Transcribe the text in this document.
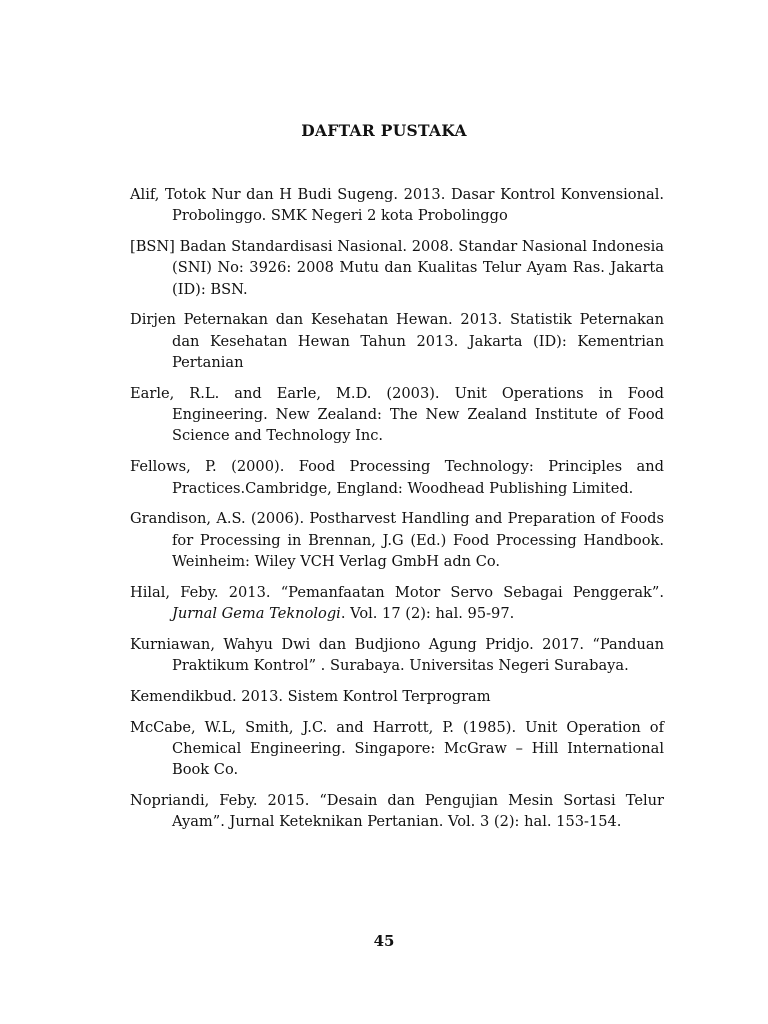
DAFTAR PUSTAKA
Alif, Totok Nur dan H Budi Sugeng. 2013. Dasar Kontrol Konvensional. Probolinggo. SMK Negeri 2 kota Probolinggo
[BSN] Badan Standardisasi Nasional. 2008. Standar Nasional Indonesia (SNI) No: 3926: 2008 Mutu dan Kualitas Telur Ayam Ras. Jakarta (ID): BSN.
Dirjen Peternakan dan Kesehatan Hewan. 2013. Statistik Peternakan dan Kesehatan Hewan Tahun 2013. Jakarta (ID): Kementrian Pertanian
Earle, R.L. and Earle, M.D. (2003). Unit Operations in Food Engineering. New Zealand: The New Zealand Institute of Food Science and Technology Inc.
Fellows, P. (2000). Food Processing Technology: Principles and Practices.Cambridge, England: Woodhead Publishing Limited.
Grandison, A.S. (2006). Postharvest Handling and Preparation of Foods for Processing in Brennan, J.G (Ed.) Food Processing Handbook. Weinheim: Wiley VCH Verlag GmbH adn Co.
Hilal, Feby. 2013. “Pemanfaatan Motor Servo Sebagai Penggerak”. Jurnal Gema Teknologi. Vol. 17 (2): hal. 95-97.
Kurniawan, Wahyu Dwi dan Budjiono Agung Pridjo. 2017. “Panduan Praktikum Kontrol” . Surabaya. Universitas Negeri Surabaya.
Kemendikbud. 2013. Sistem Kontrol Terprogram
McCabe, W.L, Smith, J.C. and Harrott, P. (1985). Unit Operation of Chemical Engineering. Singapore: McGraw – Hill International Book Co.
Nopriandi, Feby. 2015. “Desain dan Pengujian Mesin Sortasi Telur Ayam”. Jurnal Keteknikan Pertanian. Vol. 3 (2): hal. 153-154.
45
